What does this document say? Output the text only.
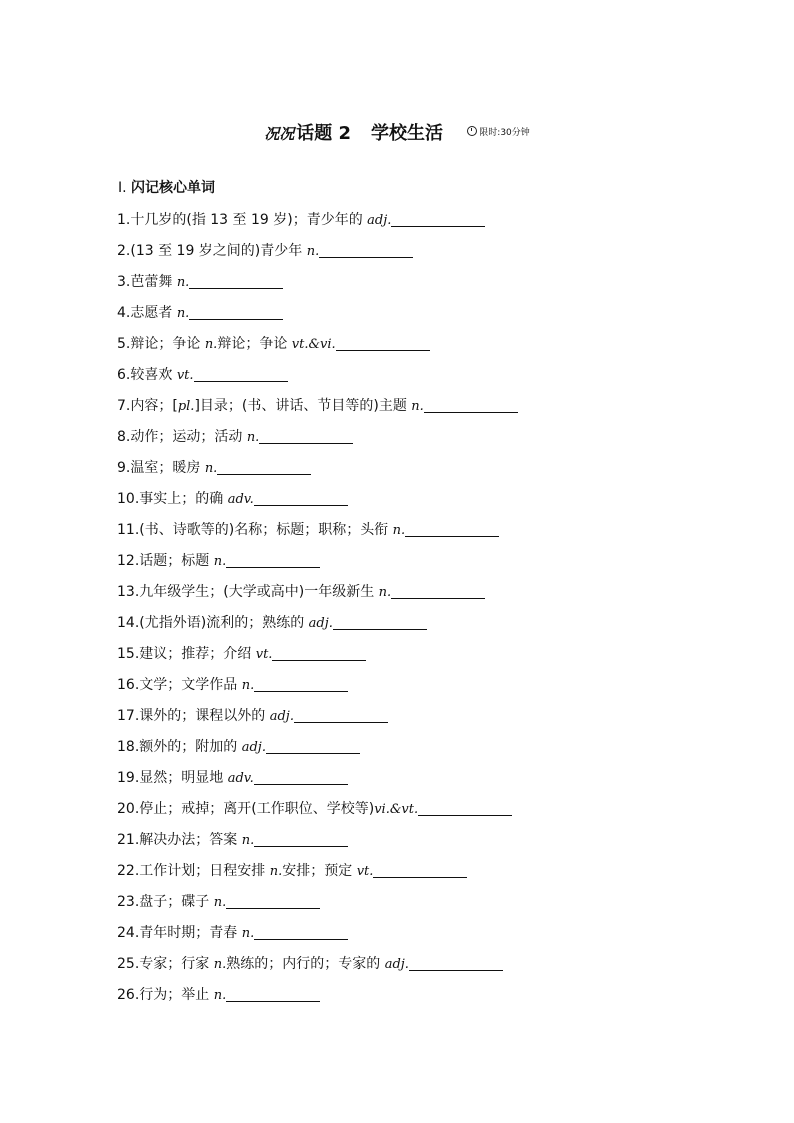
况况 话题 2 学校生活	限时:30分钟
Ⅰ. 闪记核心单词
1.十几岁的(指 13 至 19 岁)；青少年的 adj.
2.(13 至 19 岁之间的)青少年 n.
3.芭蕾舞 n.
4.志愿者 n.
5.辩论；争论 n.辩论；争论 vt.&vi.
6.较喜欢 vt.
7.内容；[pl.]目录；(书、讲话、节目等的)主题 n.
8.动作；运动；活动 n.
9.温室；暖房 n.
10.事实上；的确 adv.
11.(书、诗歌等的)名称；标题；职称；头衔 n.
12.话题；标题 n.
13.九年级学生；(大学或高中)一年级新生 n.
14.(尤指外语)流利的；熟练的 adj.
15.建议；推荐；介绍 vt.
16.文学；文学作品 n.
17.课外的；课程以外的 adj.
18.额外的；附加的 adj.
19.显然；明显地 adv.
20.停止；戒掉；离开(工作职位、学校等)vi.&vt.
21.解决办法；答案 n.
22.工作计划；日程安排 n.安排；预定 vt.
23.盘子；碟子 n.
24.青年时期；青春 n.
25.专家；行家 n.熟练的；内行的；专家的 adj.
26.行为；举止 n.
